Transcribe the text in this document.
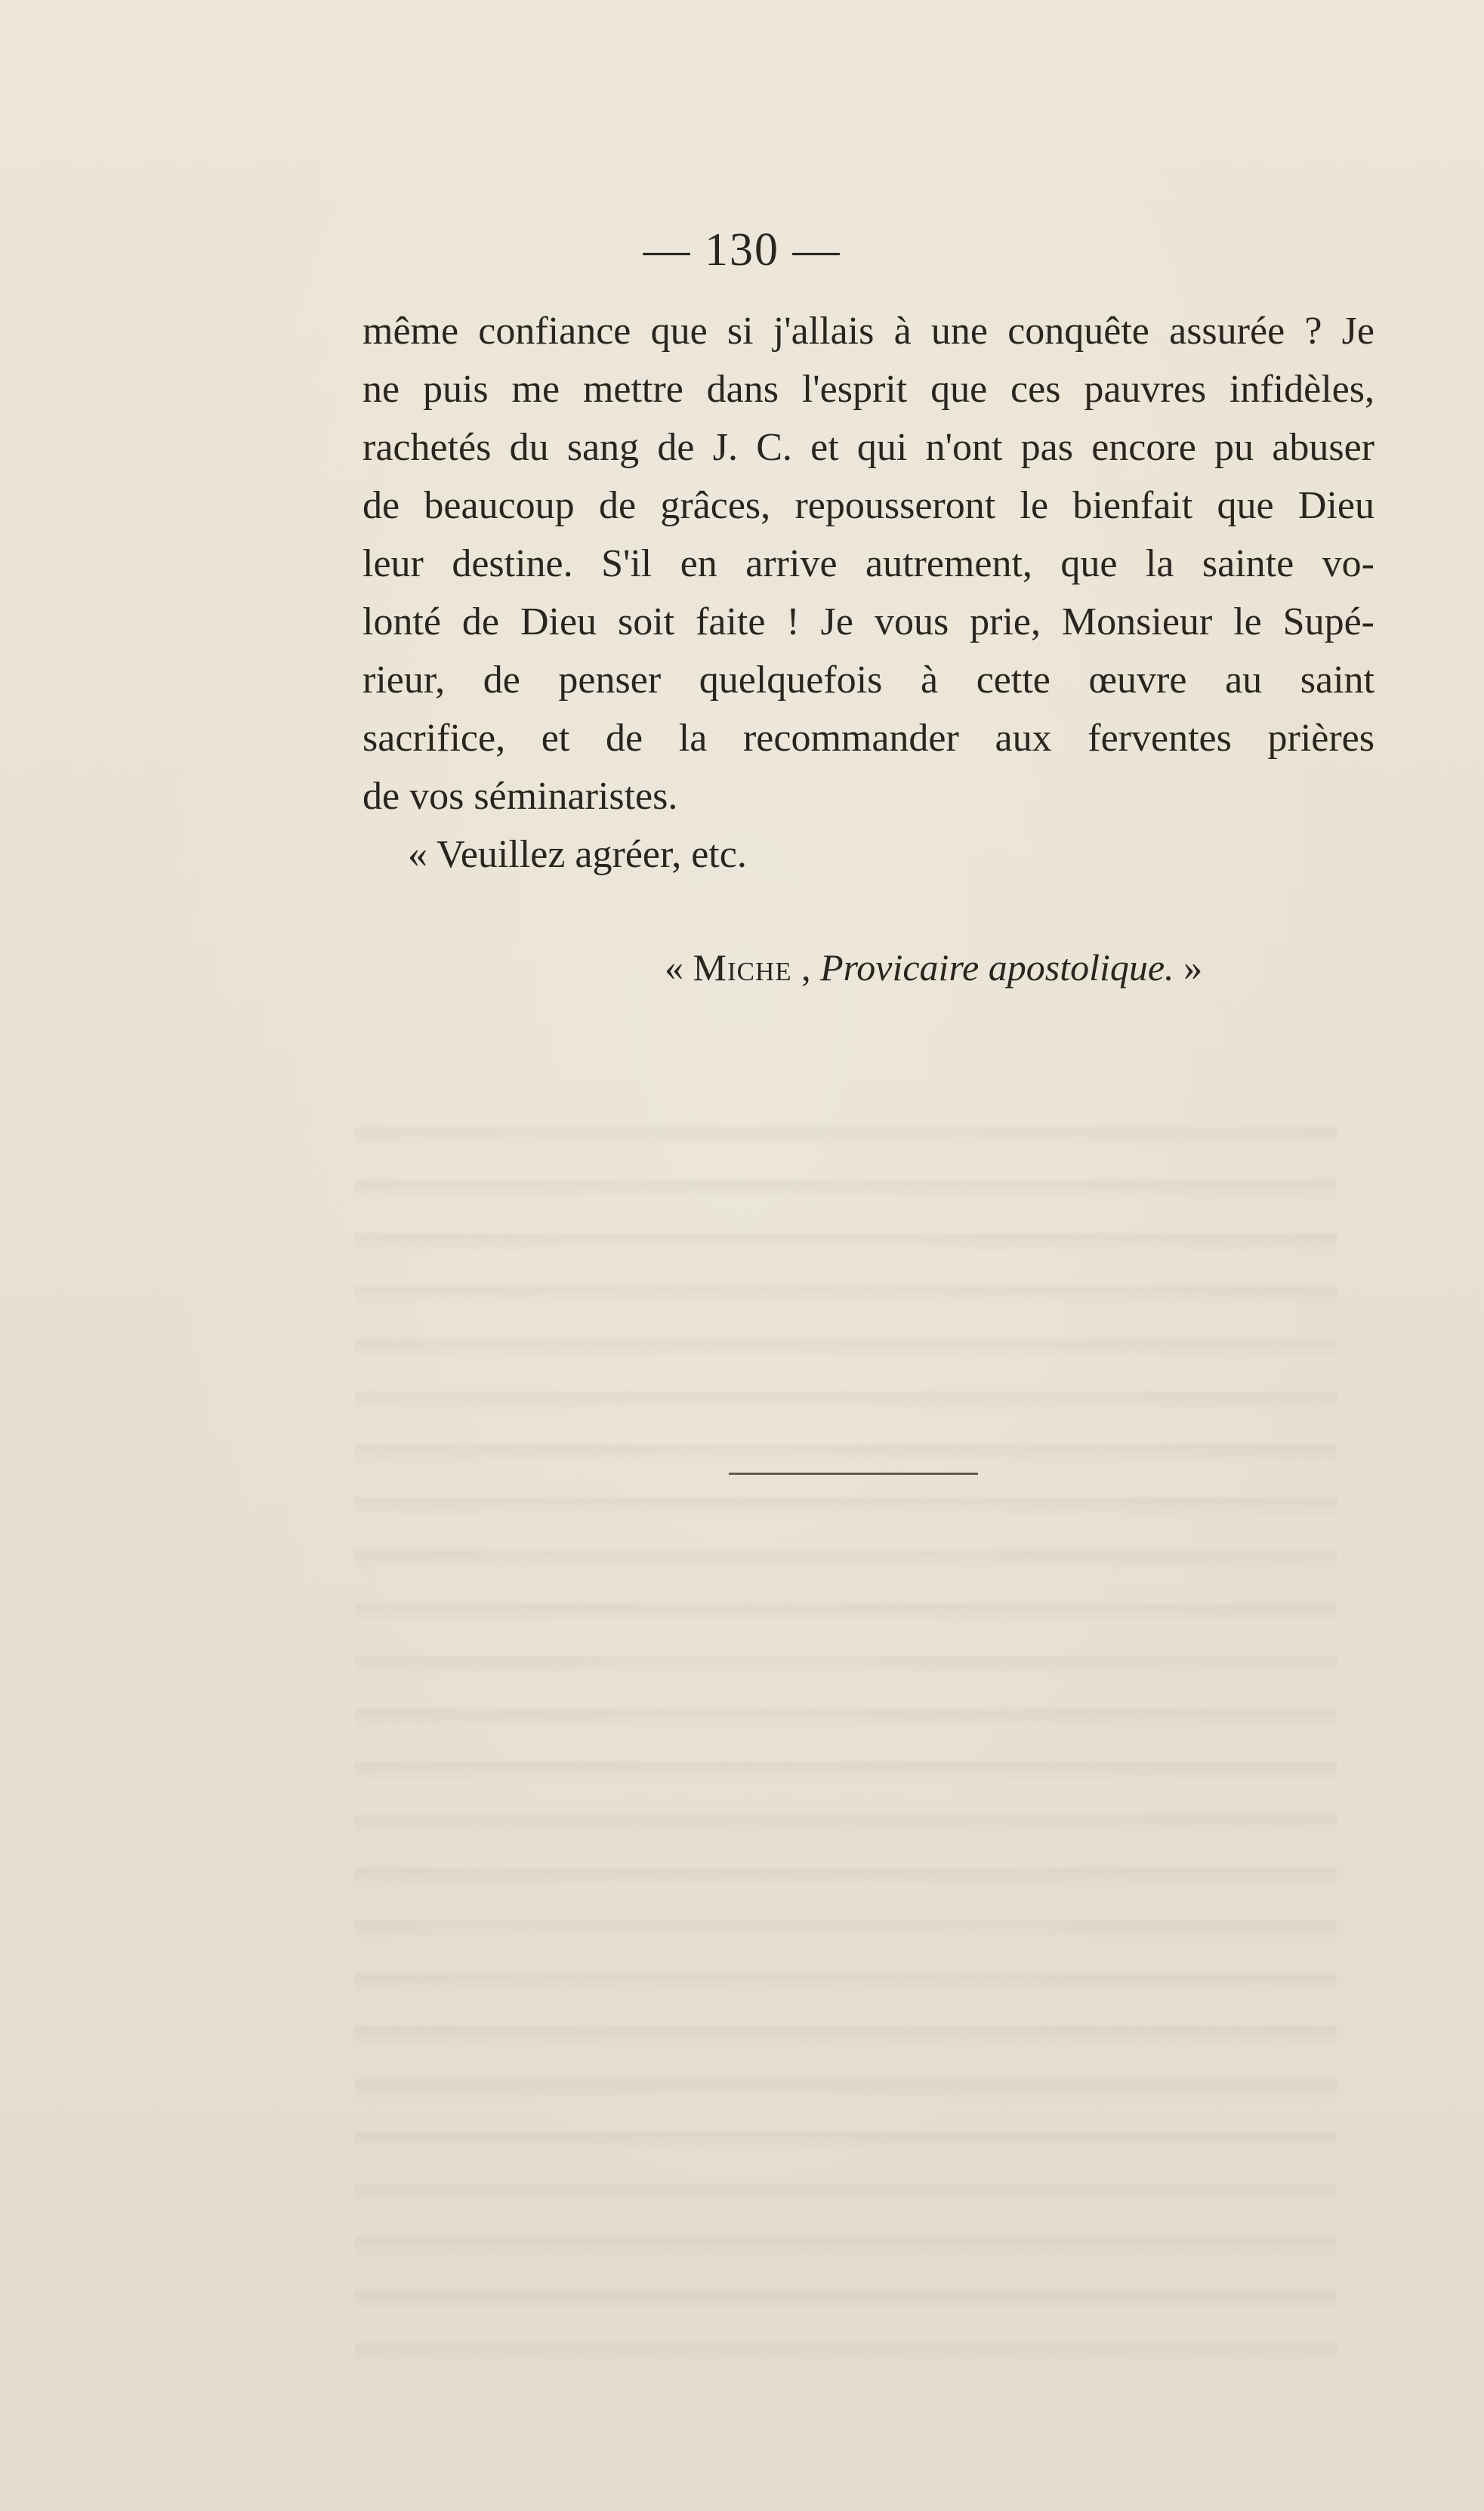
— 130 —
même confiance que si j'allais à une conquête assurée ? Je
ne puis me mettre dans l'esprit que ces pauvres infidèles,
rachetés du sang de J. C. et qui n'ont pas encore pu abuser
de beaucoup de grâces, repousseront le bienfait que Dieu
leur destine. S'il en arrive autrement, que la sainte vo-
lonté de Dieu soit faite ! Je vous prie, Monsieur le Supé-
rieur, de penser quelquefois à cette œuvre au saint
sacrifice, et de la recommander aux ferventes prières
de vos séminaristes.
« Veuillez agréer, etc.
« Miche , Provicaire apostolique. »
